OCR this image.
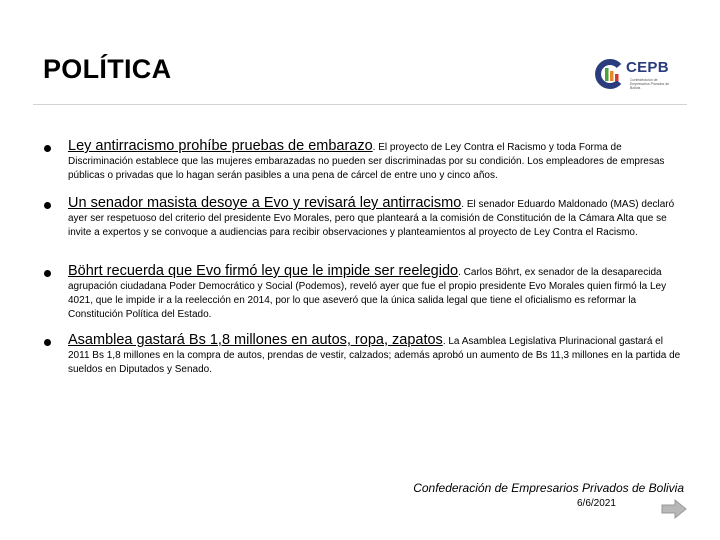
POLÍTICA	CEPB
Confederación de Empresarios Privados de Bolivia
Ley antirracismo prohíbe pruebas de embarazo. El proyecto de Ley Contra el Racismo y toda Forma de Discriminación establece que las mujeres embarazadas no pueden ser discriminadas por su condición. Los empleadores de empresas públicas o privadas que lo hagan serán pasibles a una pena de cárcel de entre uno y cinco años.
Un senador masista desoye a Evo y revisará ley antirracismo. El senador Eduardo Maldonado (MAS) declaró ayer ser respetuoso del criterio del presidente Evo Morales, pero que planteará a la comisión de Constitución de la Cámara Alta que se invite a expertos y se convoque a audiencias para recibir observaciones y planteamientos al proyecto de Ley Contra el Racismo.
Böhrt recuerda que Evo firmó ley que le impide ser reelegido. Carlos Böhrt, ex senador de la desaparecida agrupación ciudadana Poder Democrático y Social (Podemos), reveló ayer que fue el propio presidente Evo Morales quien firmó la Ley 4021, que le impide ir a la reelección en 2014, por lo que aseveró que la única salida legal que tiene el oficialismo es reformar la Constitución Política del Estado.
Asamblea gastará Bs 1,8 millones en autos, ropa, zapatos. La Asamblea Legislativa Plurinacional gastará el 2011 Bs 1,8 millones en la compra de autos, prendas de vestir, calzados; además aprobó un aumento de Bs 11,3 millones en la partida de sueldos en Diputados y Senado.
Confederación de Empresarios Privados de Bolivia
6/6/2021
